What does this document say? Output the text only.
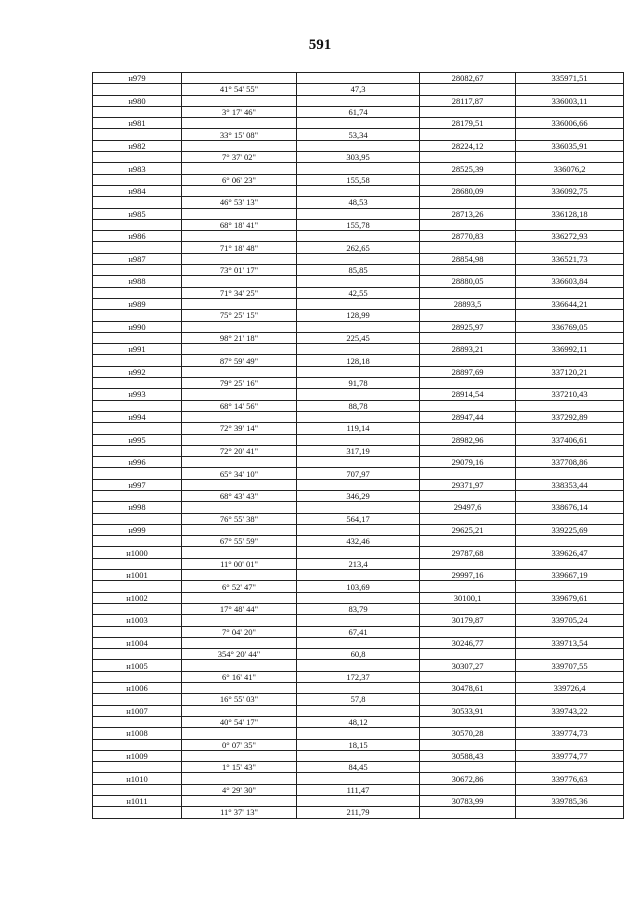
591
н979			28082,67	335971,51
	41° 54' 55"	47,3		
н980			28117,87	336003,11
	3° 17' 46"	61,74		
н981			28179,51	336006,66
	33° 15' 08"	53,34		
н982			28224,12	336035,91
	7° 37' 02"	303,95		
н983			28525,39	336076,2
	6° 06' 23"	155,58		
н984			28680,09	336092,75
	46° 53' 13"	48,53		
н985			28713,26	336128,18
	68° 18' 41"	155,78		
н986			28770,83	336272,93
	71° 18' 48"	262,65		
н987			28854,98	336521,73
	73° 01' 17"	85,85		
н988			28880,05	336603,84
	71° 34' 25"	42,55		
н989			28893,5	336644,21
	75° 25' 15"	128,99		
н990			28925,97	336769,05
	98° 21' 18"	225,45		
н991			28893,21	336992,11
	87° 59' 49"	128,18		
н992			28897,69	337120,21
	79° 25' 16"	91,78		
н993			28914,54	337210,43
	68° 14' 56"	88,78		
н994			28947,44	337292,89
	72° 39' 14"	119,14		
н995			28982,96	337406,61
	72° 20' 41"	317,19		
н996			29079,16	337708,86
	65° 34' 10"	707,97		
н997			29371,97	338353,44
	68° 43' 43"	346,29		
н998			29497,6	338676,14
	76° 55' 38"	564,17		
н999			29625,21	339225,69
	67° 55' 59"	432,46		
н1000			29787,68	339626,47
	11° 00' 01"	213,4		
н1001			29997,16	339667,19
	6° 52' 47"	103,69		
н1002			30100,1	339679,61
	17° 48' 44"	83,79		
н1003			30179,87	339705,24
	7° 04' 20"	67,41		
н1004			30246,77	339713,54
	354° 20' 44"	60,8		
н1005			30307,27	339707,55
	6° 16' 41"	172,37		
н1006			30478,61	339726,4
	16° 55' 03"	57,8		
н1007			30533,91	339743,22
	40° 54' 17"	48,12		
н1008			30570,28	339774,73
	0° 07' 35"	18,15		
н1009			30588,43	339774,77
	1° 15' 43"	84,45		
н1010			30672,86	339776,63
	4° 29' 30"	111,47		
н1011			30783,99	339785,36
	11° 37' 13"	211,79		
